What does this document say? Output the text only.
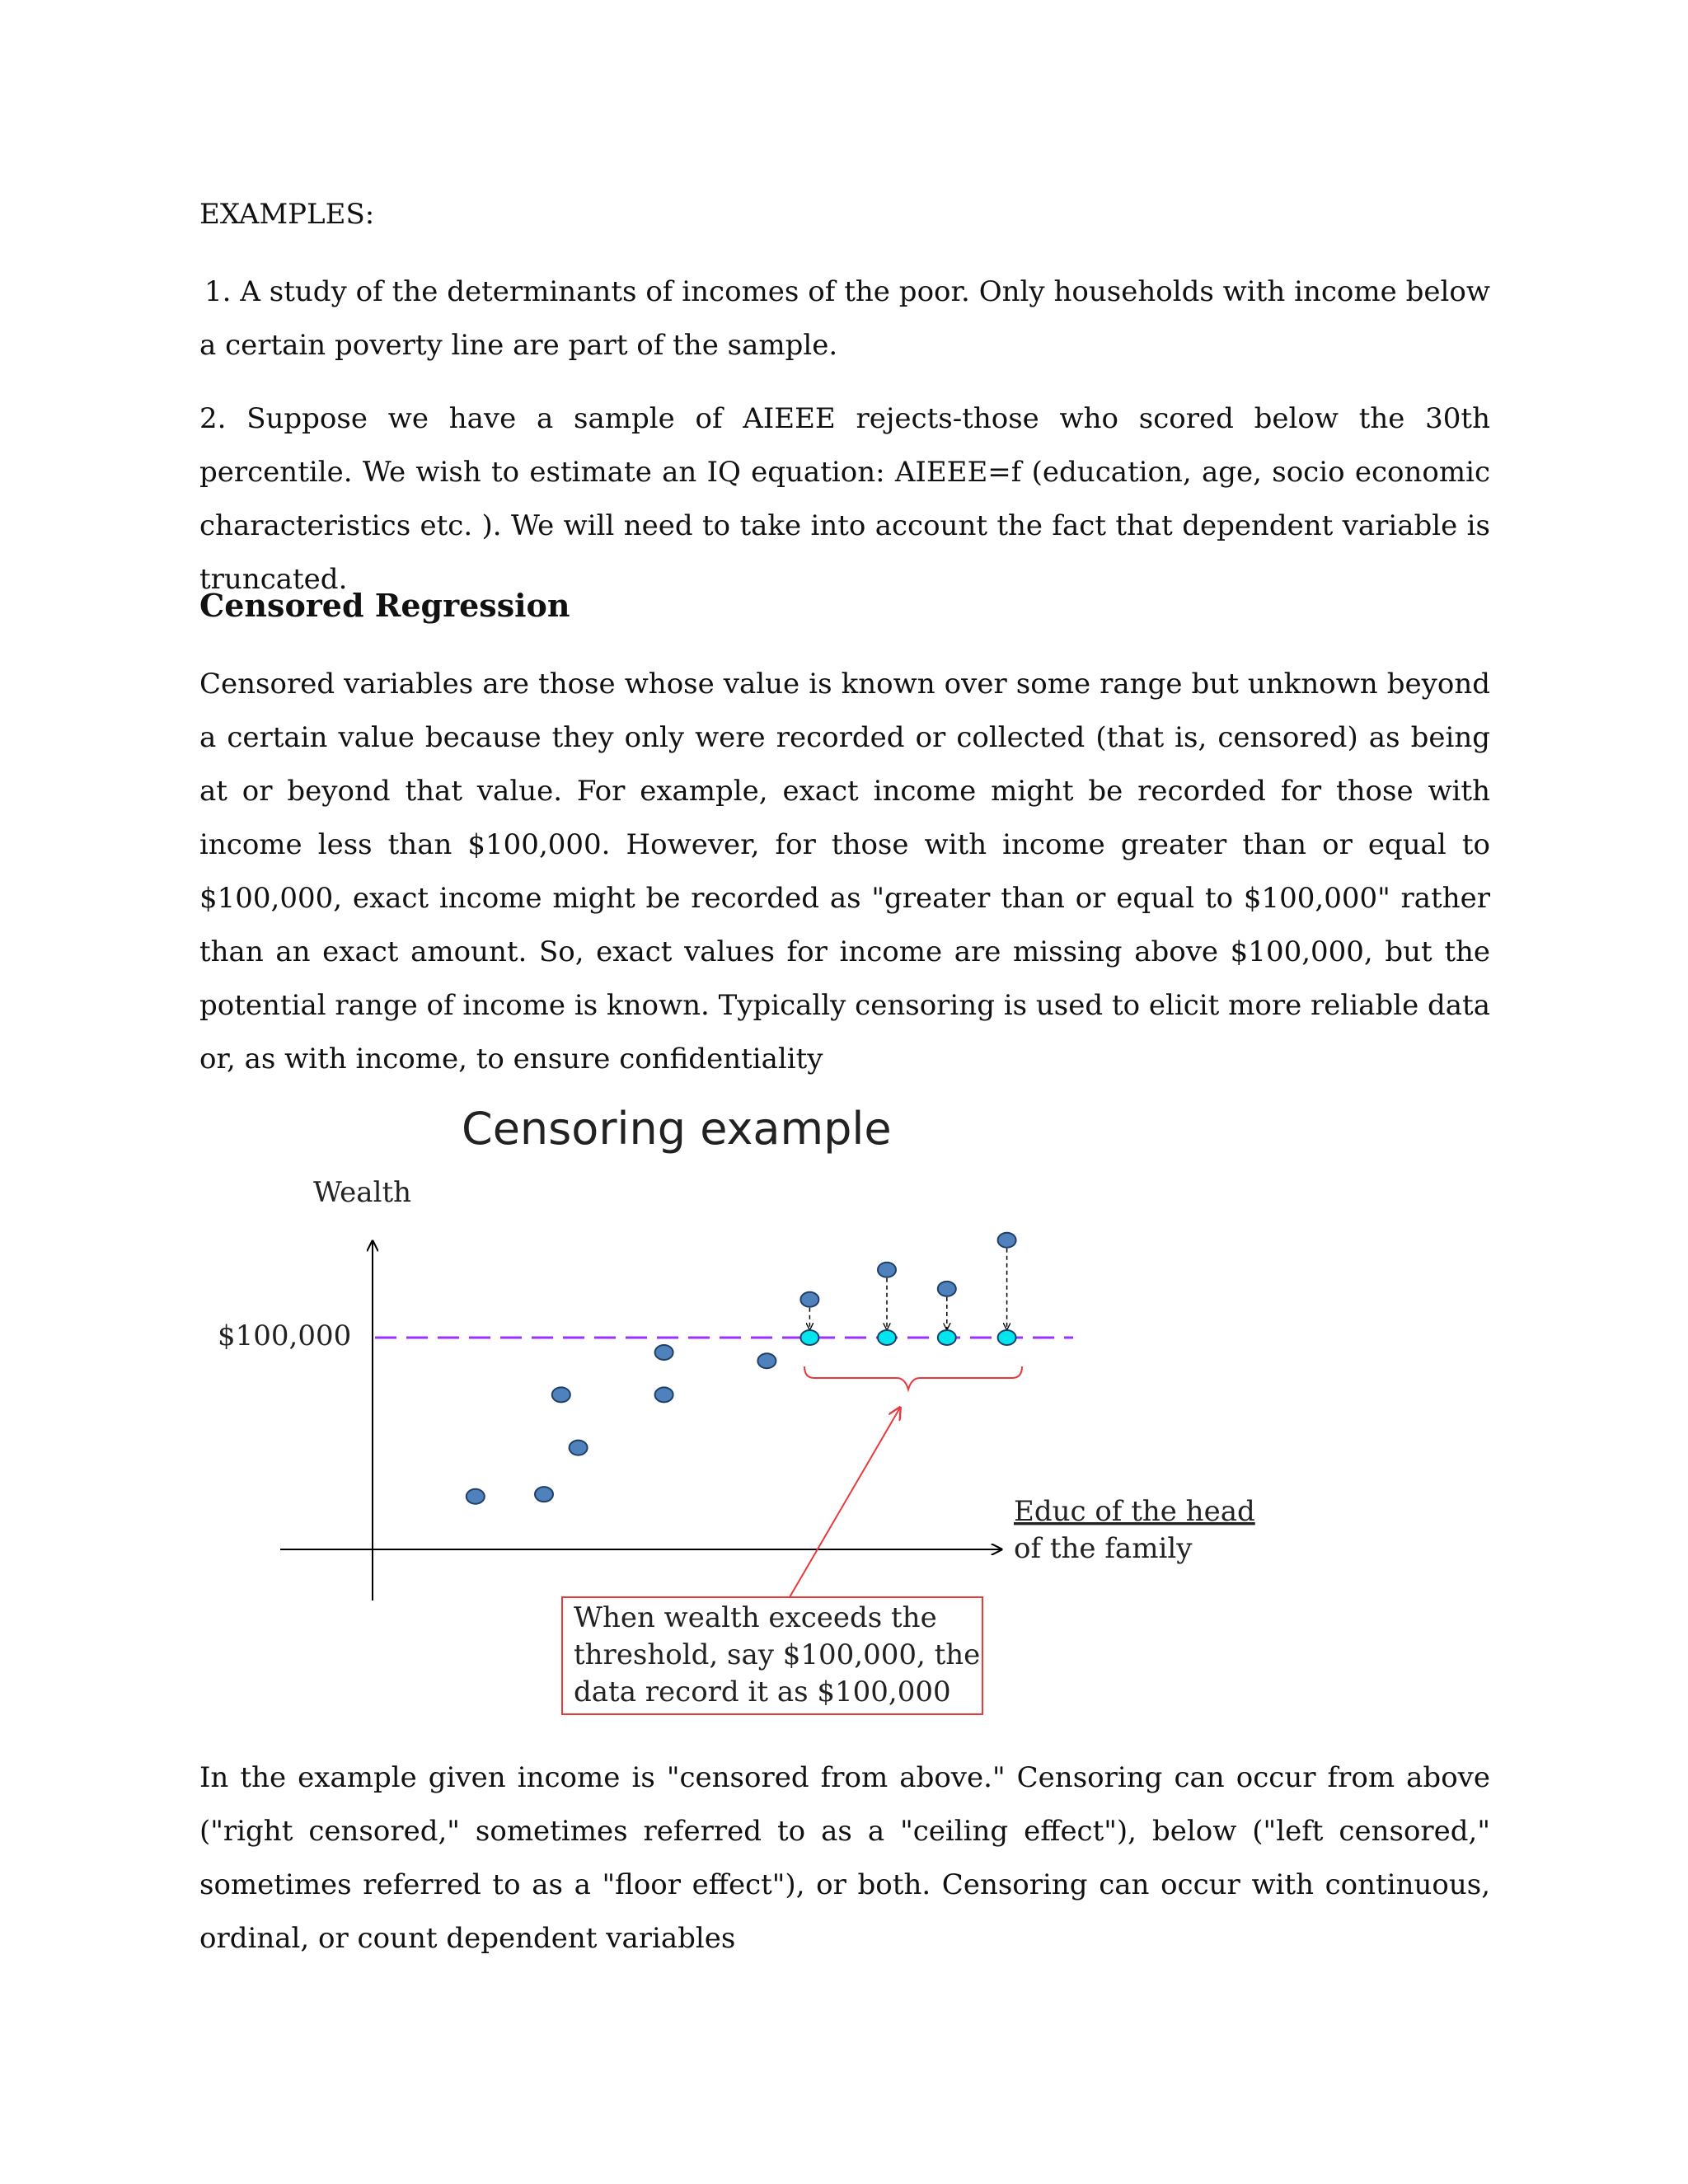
EXAMPLES:

1. A study of the determinants of incomes of the poor. Only households with income below a certain poverty line are part of the sample.

2. Suppose we have a sample of AIEEE rejects-those who scored below the 30th percentile. We wish to estimate an IQ equation: AIEEE=f (education, age, socio economic characteristics etc. ). We will need to take into account the fact that dependent variable is truncated.

Censored Regression

Censored variables are those whose value is known over some range but unknown beyond a certain value because they only were recorded or collected (that is, censored) as being at or beyond that value. For example, exact income might be recorded for those with income less than $100,000. However, for those with income greater than or equal to $100,000, exact income might be recorded as "greater than or equal to $100,000" rather than an exact amount. So, exact values for income are missing above $100,000, but the potential range of income is known. Typically censoring is used to elicit more reliable data or, as with income, to ensure confidentiality

Censoring example
Wealth
$100,000
Educ of the head
of the family
When wealth exceeds the
threshold, say $100,000, the
data record it as $100,000

In the example given income is "censored from above." Censoring can occur from above ("right censored," sometimes referred to as a "ceiling effect"), below ("left censored," sometimes referred to as a "floor effect"), or both. Censoring can occur with continuous, ordinal, or count dependent variables
